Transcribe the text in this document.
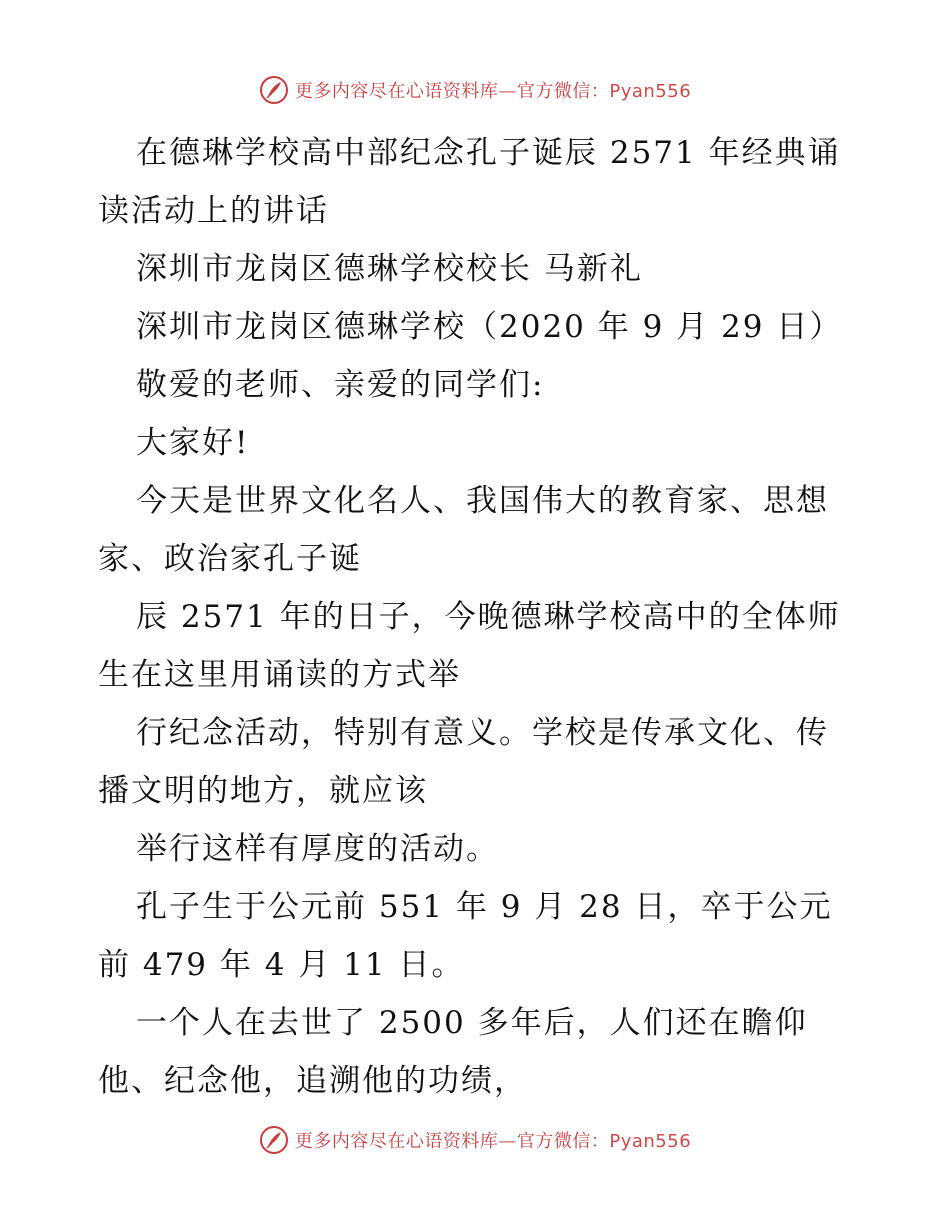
更多内容尽在心语资料库—官方微信：Pyan556

在德琳学校高中部纪念孔子诞辰 2571 年经典诵读活动上的讲话

深圳市龙岗区德琳学校校长 马新礼

深圳市龙岗区德琳学校（2020 年 9 月 29 日）

敬爱的老师、亲爱的同学们:

大家好!

今天是世界文化名人、我国伟大的教育家、思想家、政治家孔子诞

辰 2571 年的日子，今晚德琳学校高中的全体师生在这里用诵读的方式举

行纪念活动，特别有意义。学校是传承文化、传播文明的地方，就应该

举行这样有厚度的活动。

孔子生于公元前 551 年 9 月 28 日，卒于公元前 479 年 4 月 11 日。

一个人在去世了 2500 多年后，人们还在瞻仰他、纪念他，追溯他的功绩，

更多内容尽在心语资料库—官方微信：Pyan556
